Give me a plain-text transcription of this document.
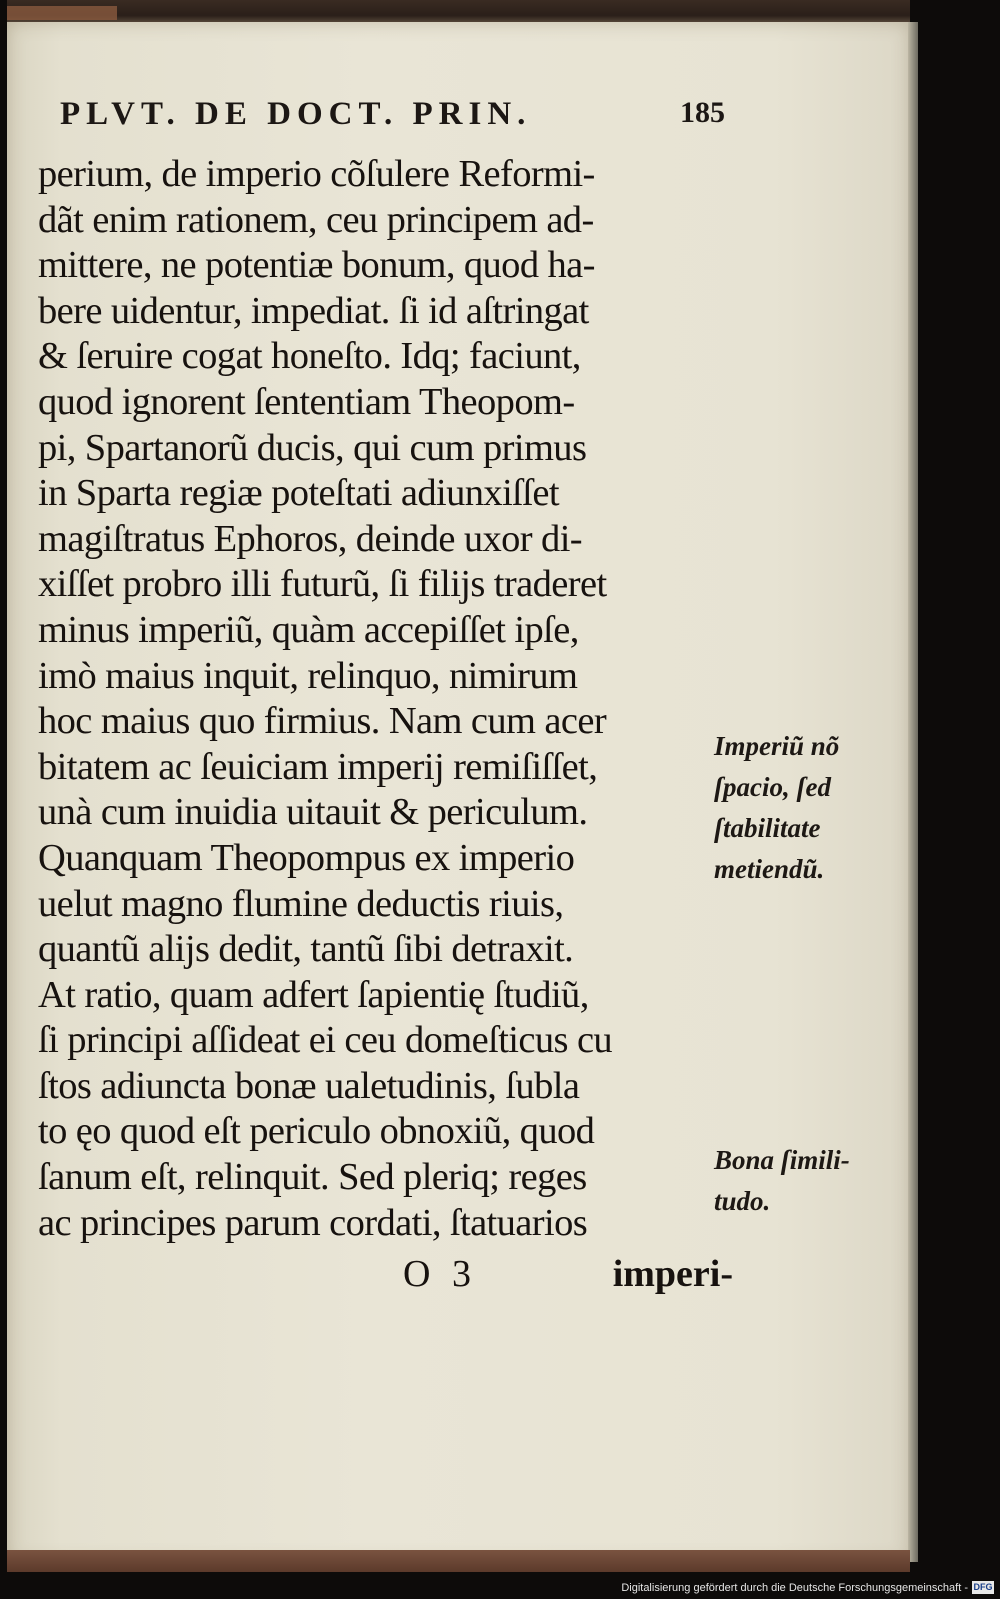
PLVT. DE DOCT. PRIN.	185
perium, de imperio cõſulere Reformi-
dãt enim rationem, ceu principem ad-
mittere, ne potentiæ bonum, quod ha-
bere uidentur, impediat. ſi id aſtringat
& ſeruire cogat honeſto. Idq; faciunt,
quod ignorent ſententiam Theopom-
pi, Spartanorũ ducis, qui cum primus
in Sparta regiæ poteſtati adiunxiſſet
magiſtratus Ephoros, deinde uxor di-
xiſſet probro illi futurũ, ſi filijs traderet
minus imperiũ, quàm accepiſſet ipſe,
imò maius inquit, relinquo, nimirum
hoc maius quo firmius. Nam cum acer
bitatem ac ſeuiciam imperij remiſiſſet,
unà cum inuidia uitauit & periculum.
Quanquam Theopompus ex imperio
uelut magno flumine deductis riuis,
quantũ alijs dedit, tantũ ſibi detraxit.
At ratio, quam adfert ſapientię ſtudiũ,
ſi principi aſſideat ei ceu domeſticus cu
ſtos adiuncta bonæ ualetudinis, ſubla
to ęo quod eſt periculo obnoxiũ, quod
ſanum eſt, relinquit. Sed pleriq; reges
ac principes parum cordati, ſtatuarios
Imperiũ nõ
ſpacio, ſed
ſtabilitate
metiendũ.
Bona ſimili-
tudo.
O 3	imperi-
Digitalisierung gefördert durch die Deutsche Forschungsgemeinschaft - DFG
